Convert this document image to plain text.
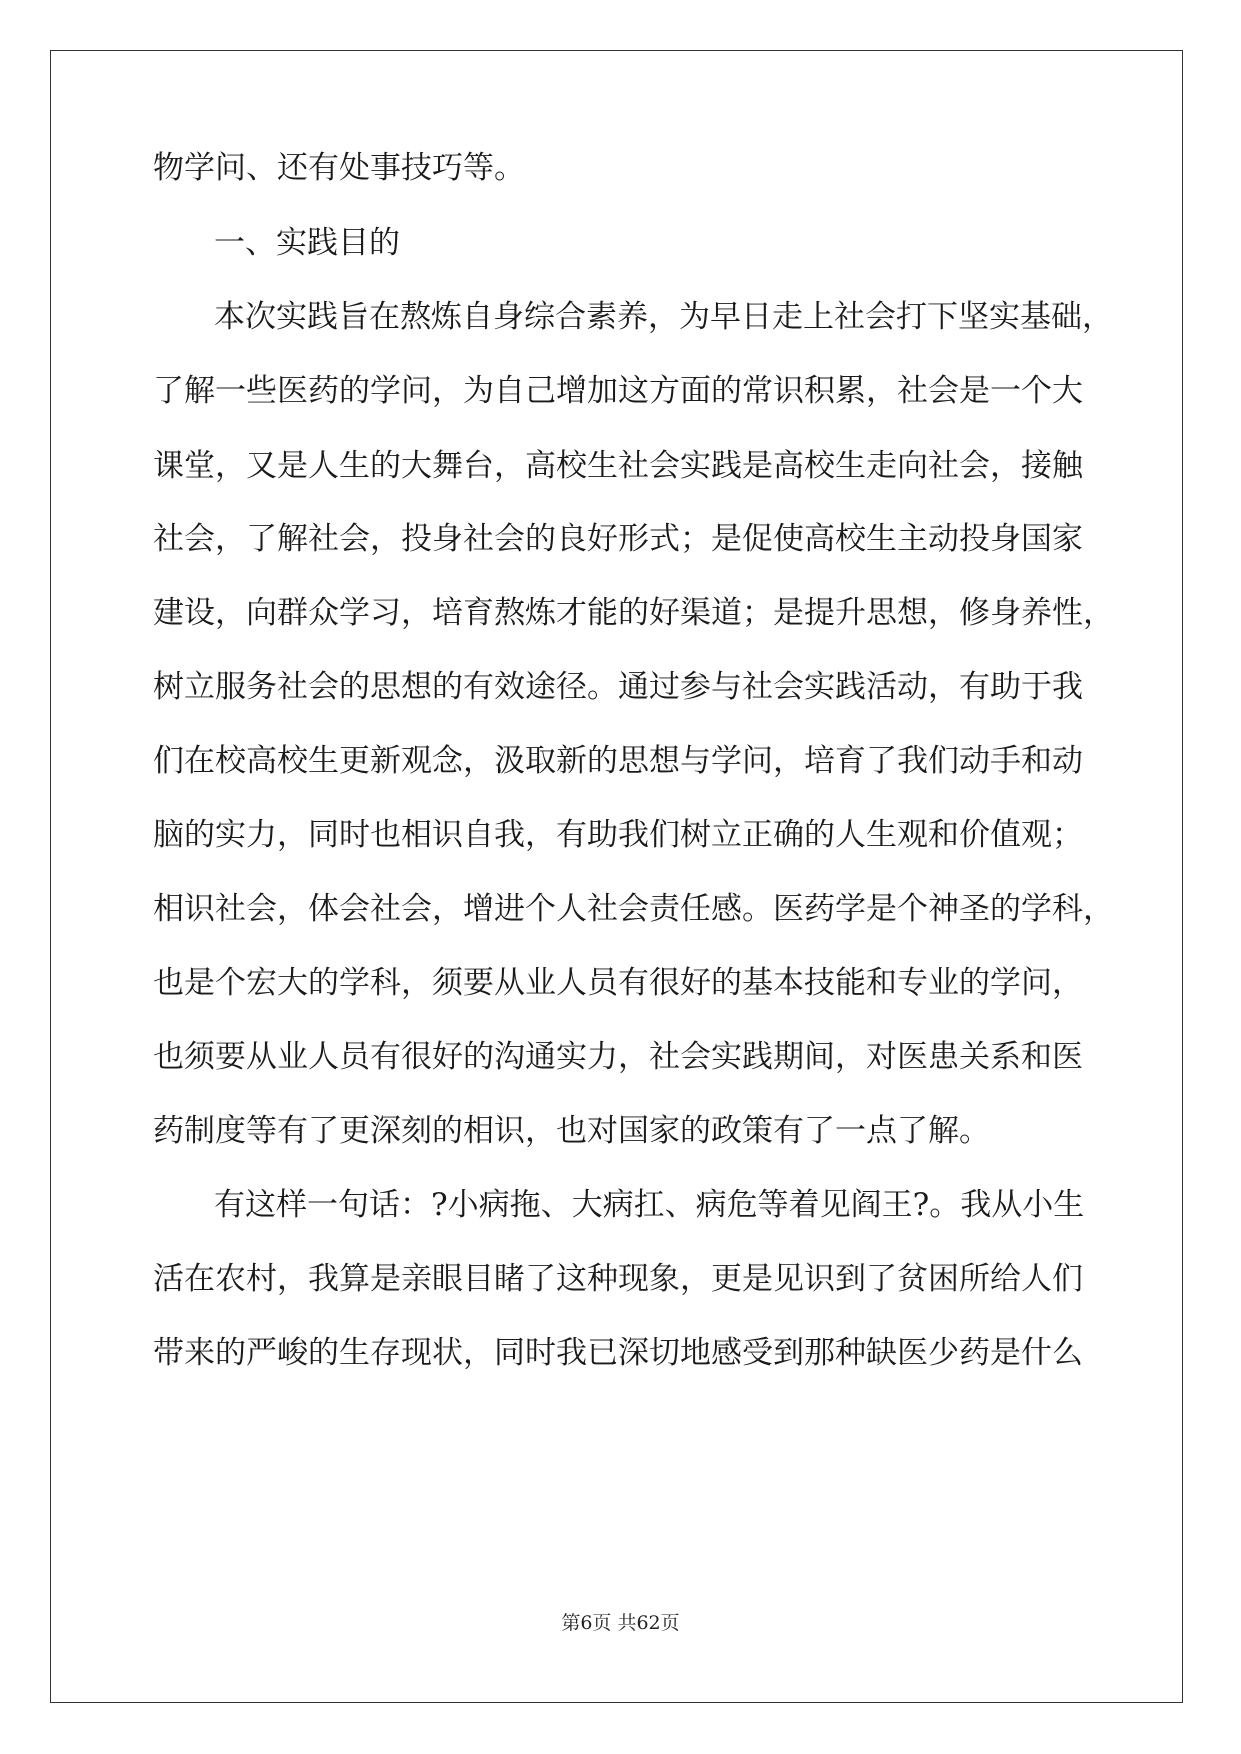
物学问、还有处事技巧等。
一、实践目的
本次实践旨在熬炼自身综合素养，为早日走上社会打下坚实基础，
了解一些医药的学问，为自己增加这方面的常识积累，社会是一个大
课堂，又是人生的大舞台，高校生社会实践是高校生走向社会，接触
社会，了解社会，投身社会的良好形式；是促使高校生主动投身国家
建设，向群众学习，培育熬炼才能的好渠道；是提升思想，修身养性，
树立服务社会的思想的有效途径。通过参与社会实践活动，有助于我
们在校高校生更新观念，汲取新的思想与学问，培育了我们动手和动
脑的实力，同时也相识自我，有助我们树立正确的人生观和价值观；
相识社会，体会社会，增进个人社会责任感。医药学是个神圣的学科，
也是个宏大的学科，须要从业人员有很好的基本技能和专业的学问，
也须要从业人员有很好的沟通实力，社会实践期间，对医患关系和医
药制度等有了更深刻的相识，也对国家的政策有了一点了解。
有这样一句话：?小病拖、大病扛、病危等着见阎王?。我从小生
活在农村，我算是亲眼目睹了这种现象，更是见识到了贫困所给人们
带来的严峻的生存现状，同时我已深切地感受到那种缺医少药是什么
第6页 共62页
